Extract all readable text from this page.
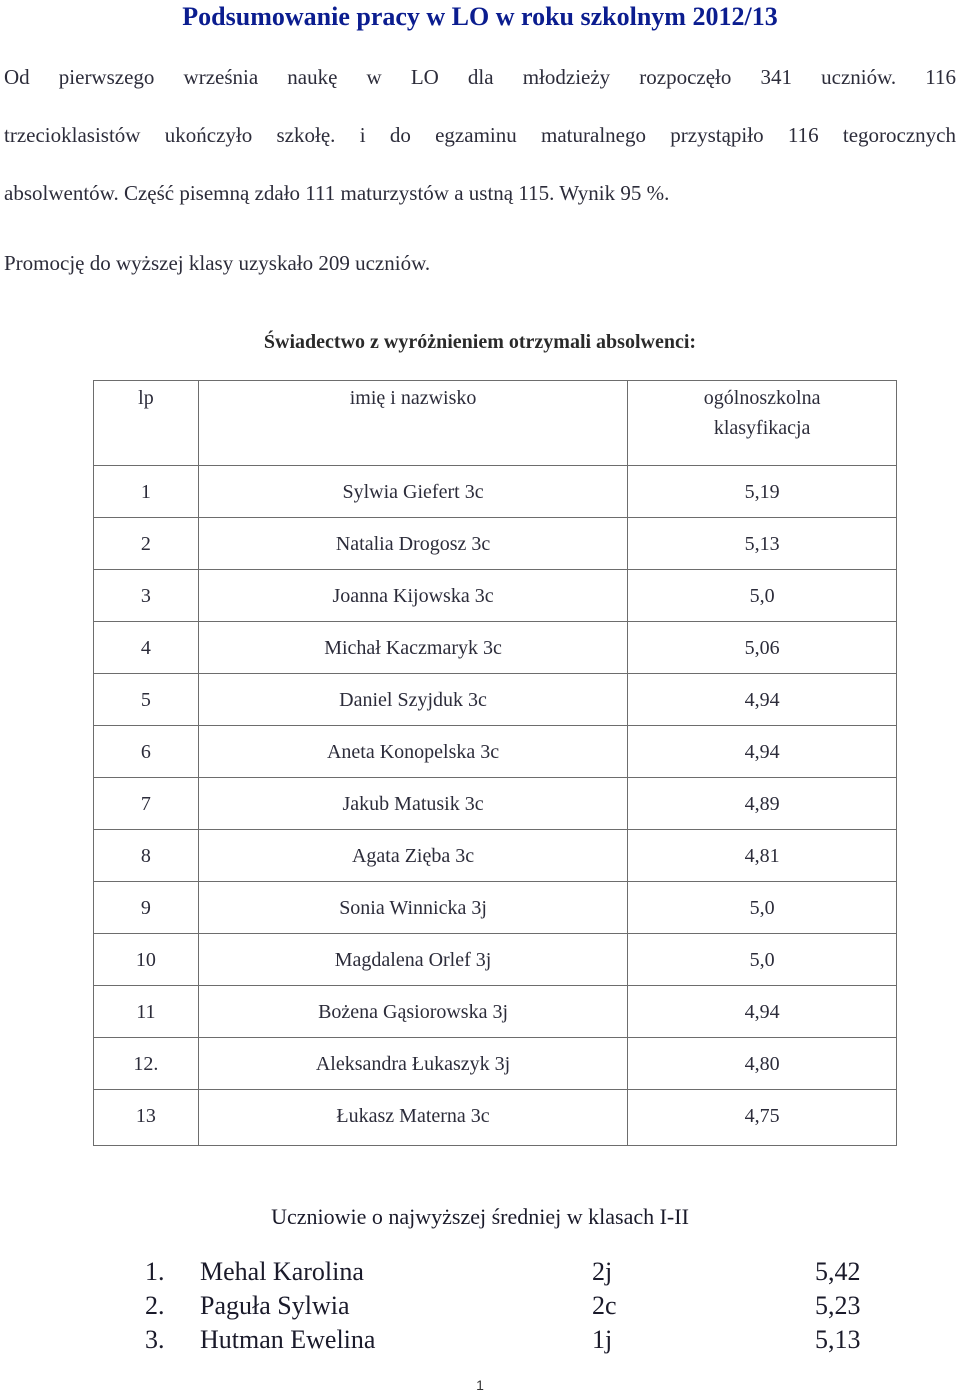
Podsumowanie pracy w LO w roku szkolnym 2012/13
Od pierwszego września naukę w LO dla młodzieży rozpoczęło 341 uczniów. 116
trzecioklasistów ukończyło szkołę. i do egzaminu maturalnego przystąpiło 116 tegorocznych
absolwentów. Część pisemną zdało 111 maturzystów a ustną 115. Wynik 95 %.
Promocję do wyższej klasy uzyskało 209 uczniów.
Świadectwo z wyróżnieniem otrzymali absolwenci:
lp	imię i nazwisko	ogólnoszkolna klasyfikacja
1	Sylwia Giefert 3c	5,19
2	Natalia Drogosz 3c	5,13
3	Joanna Kijowska 3c	5,0
4	Michał Kaczmaryk 3c	5,06
5	Daniel Szyjduk 3c	4,94
6	Aneta Konopelska 3c	4,94
7	Jakub Matusik 3c	4,89
8	Agata Zięba 3c	4,81
9	Sonia Winnicka 3j	5,0
10	Magdalena Orlef 3j	5,0
11	Bożena Gąsiorowska 3j	4,94
12.	Aleksandra Łukaszyk 3j	4,80
13	Łukasz Materna 3c	4,75
Uczniowie o najwyższej średniej w klasach I-II
1. Mehal Karolina	2j	5,42
2. Paguła Sylwia	2c	5,23
3. Hutman Ewelina	1j	5,13
1
